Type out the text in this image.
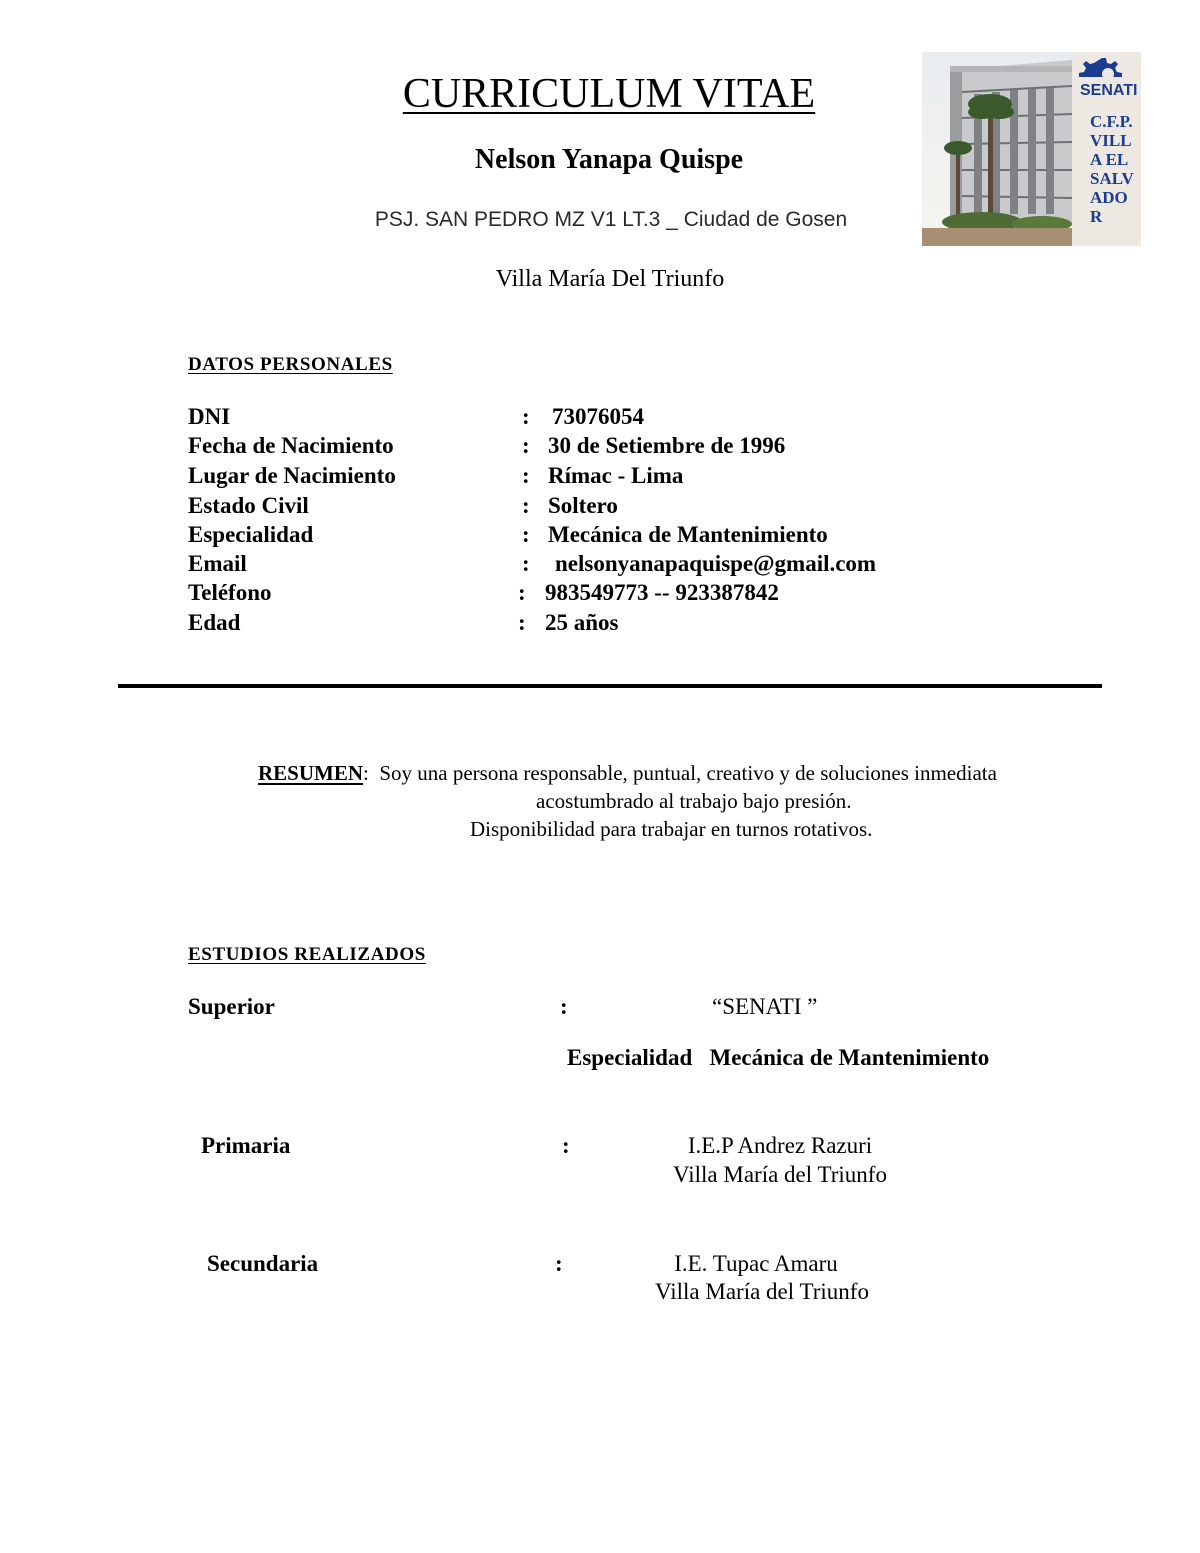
CURRICULUM VITAE
Nelson Yanapa Quispe
PSJ. SAN PEDRO MZ V1 LT.3 _ Ciudad de Gosen
Villa María Del Triunfo
SENATI
C.F.P.
VILL
A EL
SALV
ADO
R
DATOS PERSONALES
DNI	: 73076054
Fecha de Nacimiento	: 30 de Setiembre de 1996
Lugar de Nacimiento	: Rímac - Lima
Estado Civil	: Soltero
Especialidad	: Mecánica de Mantenimiento
Email	: nelsonyanapaquispe@gmail.com
Teléfono	: 983549773 -- 923387842
Edad	: 25 años
RESUMEN:  Soy una persona responsable, puntual, creativo y de soluciones inmediata
acostumbrado al trabajo bajo presión.
Disponibilidad para trabajar en turnos rotativos.
ESTUDIOS REALIZADOS
Superior	:	“SENATI ”
Especialidad Mecánica de Mantenimiento
Primaria	:	I.E.P Andrez Razuri
Villa María del Triunfo
Secundaria	:	I.E. Tupac Amaru
Villa María del Triunfo
